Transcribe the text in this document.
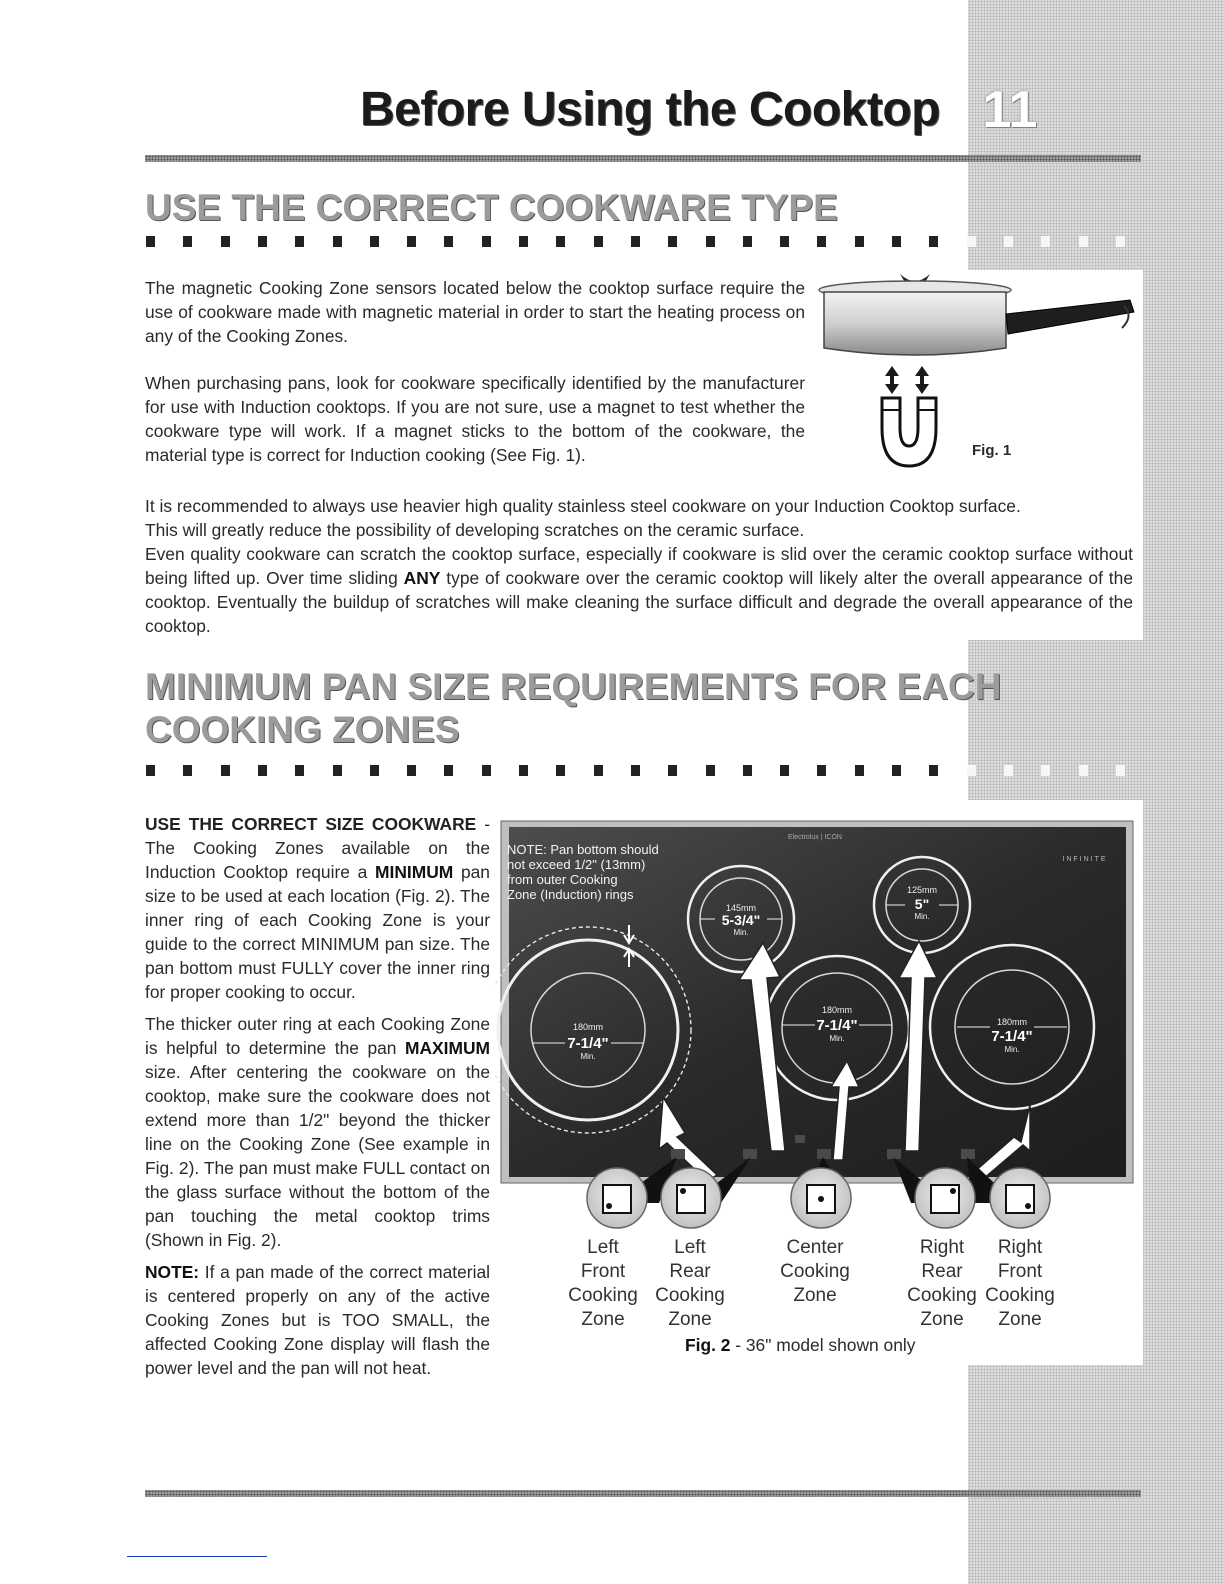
Before Using the Cooktop 11
USE THE CORRECT COOKWARE TYPE

The magnetic Cooking Zone sensors located below the cooktop surface require the use of cookware made with magnetic material in order to start the heating process on any of the Cooking Zones.

When purchasing pans, look for cookware specifically identified by the manufacturer for use with Induction cooktops. If you are not sure, use a magnet to test whether the cookware type will work. If a magnet sticks to the bottom of the cookware, the material type is correct for Induction cooking (See Fig. 1).	Fig. 1

It is recommended to always use heavier high quality stainless steel cookware on your Induction Cooktop surface.

This will greatly reduce the possibility of developing scratches on the ceramic surface.

Even quality cookware can scratch the cooktop surface, especially if cookware is slid over the ceramic cooktop surface without being lifted up. Over time sliding ANY type of cookware over the ceramic cooktop will likely alter the overall appearance of the cooktop. Eventually the buildup of scratches will make cleaning the surface difficult and degrade the overall appearance of the cooktop.

MINIMUM PAN SIZE REQUIREMENTS FOR EACH
COOKING ZONES
USE THE CORRECT SIZE COOKWARE - The Cooking Zones available on the Induction Cooktop require a MINIMUM pan size to be used at each location (Fig. 2). The inner ring of each Cooking Zone is your guide to the correct MINIMUM pan size. The pan bottom must FULLY cover the inner ring for proper cooking to occur.
The thicker outer ring at each Cooking Zone is helpful to determine the pan MAXIMUM size. After centering the cookware on the cooktop, make sure the cookware does not extend more than 1/2" beyond the thicker line on the Cooking Zone (See example in Fig. 2). The pan must make FULL contact on the glass surface without the bottom of the pan touching the metal cooktop trims (Shown in Fig. 2).
NOTE: If a pan made of the correct material is centered properly on any of the active Cooking Zones but is TOO SMALL, the affected Cooking Zone display will flash the power level and the pan will not heat.
Electrolux | ICON
INFINITE
180mm
7-1/4"
Min.
145mm
5-3/4"
Min.
180mm
7-1/4"
Min.
125mm
5"
Min.
180mm
7-1/4"
Min.
NOTE: Pan bottom should not exceed 1/2" (13mm) from outer Cooking Zone (Induction) rings
Left
Front
Cooking
Zone
Left
Rear
Cooking
Zone
Center
Cooking
Zone
Right
Rear
Cooking
Zone
Right
Front
Cooking
Zone
Fig. 2 - 36" model shown only
